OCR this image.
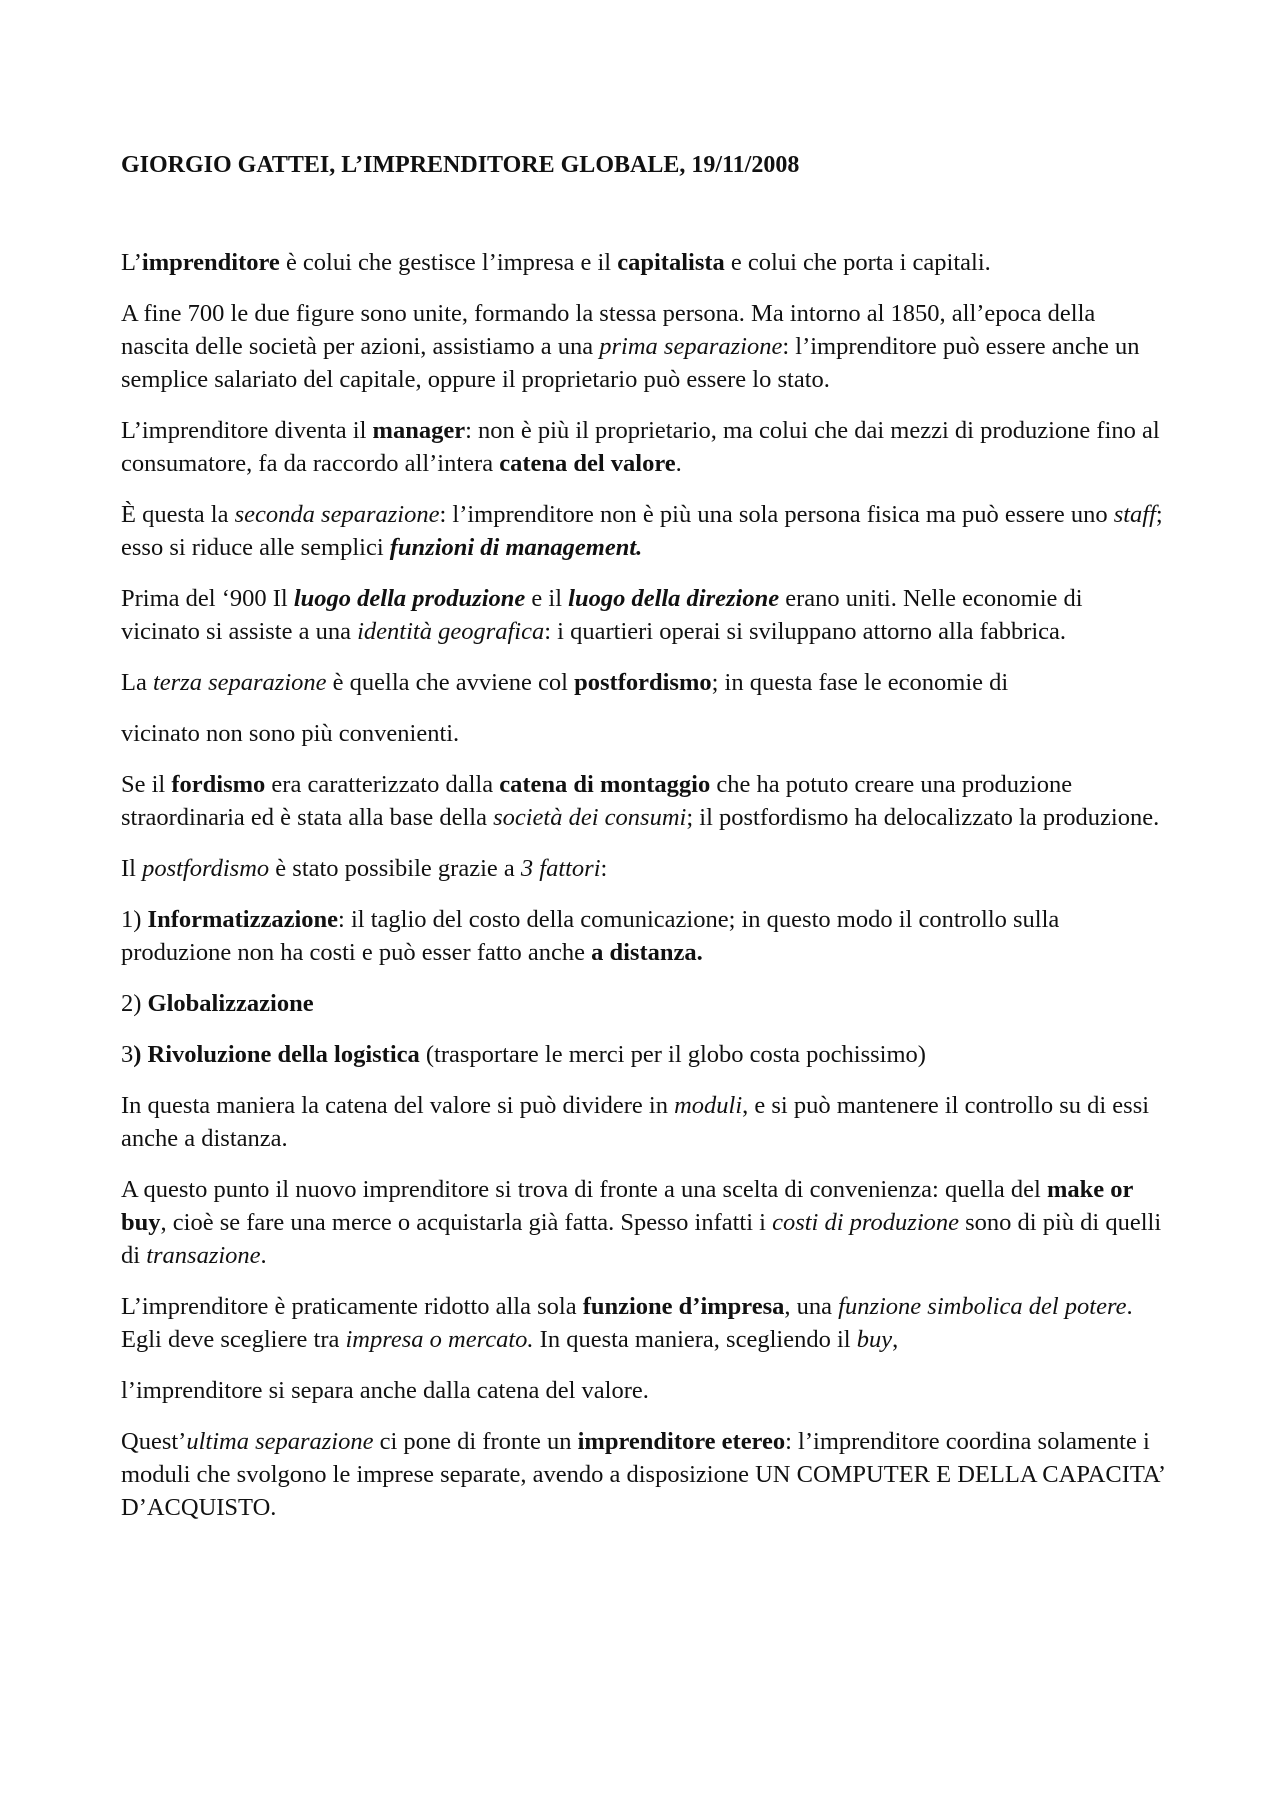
GIORGIO GATTEI, L’IMPRENDITORE GLOBALE, 19/11/2008

L’imprenditore è colui che gestisce l’impresa e il capitalista e colui che porta i capitali.

A fine 700 le due figure sono unite, formando la stessa persona. Ma intorno al 1850, all’epoca della nascita delle società per azioni, assistiamo a una prima separazione: l’imprenditore può essere anche un semplice salariato del capitale, oppure il proprietario può essere lo stato.

L’imprenditore diventa il manager: non è più il proprietario, ma colui che dai mezzi di produzione fino al consumatore, fa da raccordo all’intera catena del valore.

È questa la seconda separazione: l’imprenditore non è più una sola persona fisica ma può essere uno staff; esso si riduce alle semplici funzioni di management.

Prima del ‘900 Il luogo della produzione e il luogo della direzione erano uniti. Nelle economie di vicinato si assiste a una identità geografica: i quartieri operai si sviluppano attorno alla fabbrica.

La terza separazione è quella che avviene col postfordismo; in questa fase le economie di

vicinato non sono più convenienti.

Se il fordismo era caratterizzato dalla catena di montaggio che ha potuto creare una produzione straordinaria ed è stata alla base della società dei consumi; il postfordismo ha delocalizzato la produzione.

Il postfordismo è stato possibile grazie a 3 fattori:

1) Informatizzazione: il taglio del costo della comunicazione; in questo modo il controllo sulla produzione non ha costi e può esser fatto anche a distanza.

2) Globalizzazione

3) Rivoluzione della logistica (trasportare le merci per il globo costa pochissimo)

In questa maniera la catena del valore si può dividere in moduli, e si può mantenere il controllo su di essi anche a distanza.

A questo punto il nuovo imprenditore si trova di fronte a una scelta di convenienza: quella del make or buy, cioè se fare una merce o acquistarla già fatta. Spesso infatti i costi di produzione sono di più di quelli di transazione.

L’imprenditore è praticamente ridotto alla sola funzione d’impresa, una funzione simbolica del potere. Egli deve scegliere tra impresa o mercato. In questa maniera, scegliendo il buy,

l’imprenditore si separa anche dalla catena del valore.

Quest’ultima separazione ci pone di fronte un imprenditore etereo: l’imprenditore coordina solamente i moduli che svolgono le imprese separate, avendo a disposizione UN COMPUTER E DELLA CAPACITA’ D’ACQUISTO.
